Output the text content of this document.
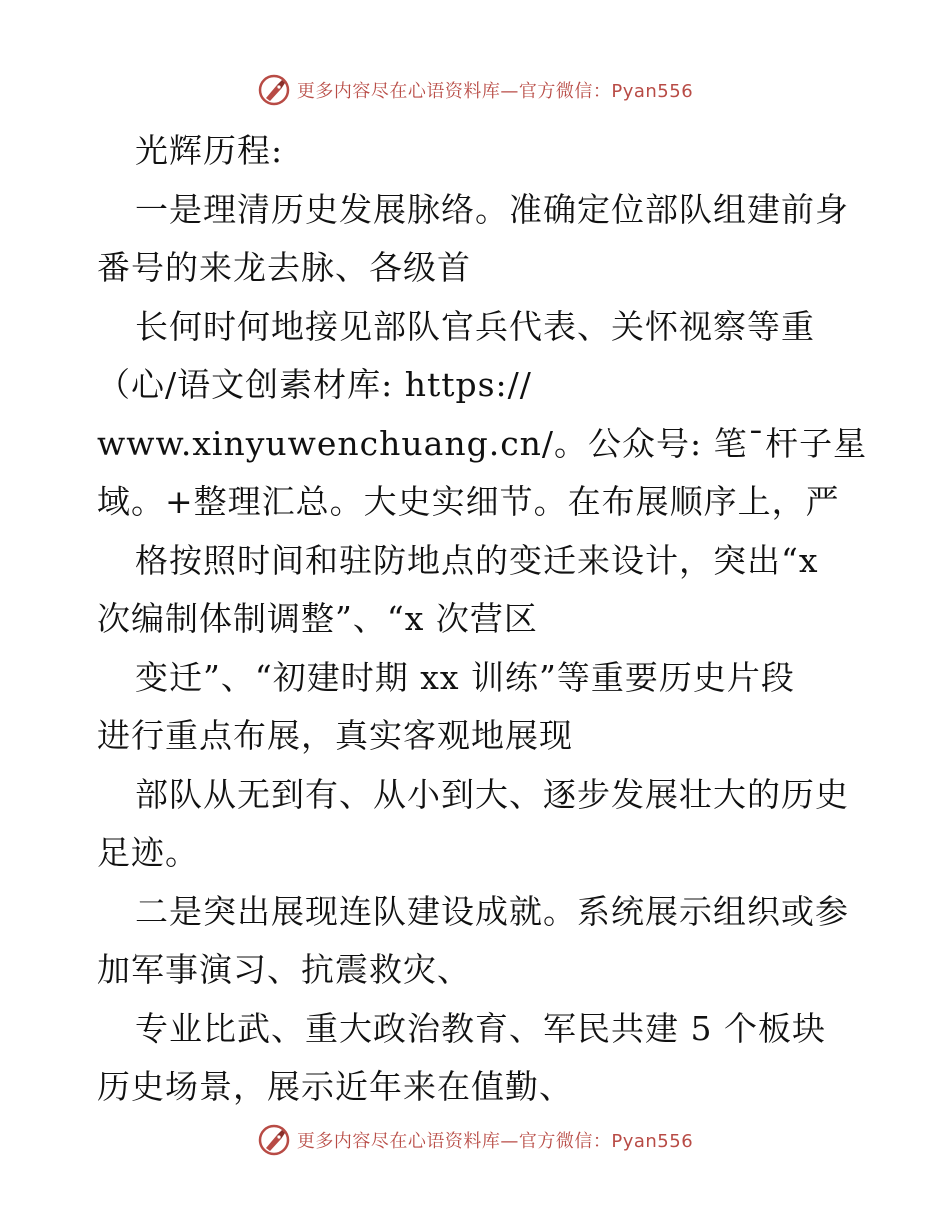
更多内容尽在心语资料库—官方微信：Pyan556
光辉历程:
一是理清历史发展脉络。准确定位部队组建前身
番号的来龙去脉、各级首
长何时何地接见部队官兵代表、关怀视察等重
（心/语文创素材库: https://
www.xinyuwenchuang.cn/。公众号: 笔¯杆子星
域。+整理汇总。大史实细节。在布展顺序上，严
格按照时间和驻防地点的变迁来设计，突出“x
次编制体制调整”、“x 次营区
变迁”、“初建时期 xx 训练”等重要历史片段
进行重点布展，真实客观地展现
部队从无到有、从小到大、逐步发展壮大的历史
足迹。
二是突出展现连队建设成就。系统展示组织或参
加军事演习、抗震救灾、
专业比武、重大政治教育、军民共建 5 个板块
历史场景，展示近年来在值勤、
更多内容尽在心语资料库—官方微信：Pyan556
